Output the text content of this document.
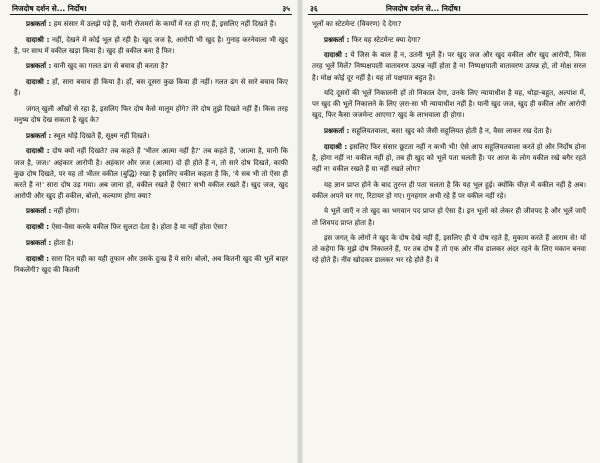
निजदोष दर्शन से... निर्दोष!	३५

प्रश्नकर्ता : हम संसार में उलझे पड़े हैं, यानी रोजमर्रा के कार्यों में रत हो गए हैं, इसलिए नहीं दिखते हैं।

दादाश्री : नहीं, देखने में कोई भूल हो रही है। खुद जज है, आरोपी भी खुद है। गुनाह करनेवाला भी खुद है, पर साथ में वकील खड़ा किया है। खुद ही वकील बना है फिर।

प्रश्नकर्ता : यानी खुद का गलत ढंग से बचाव ही करता है?

दादाश्री : हाँ, सारा बचाव ही किया है। हाँ, बस दूसरा कुछ किया ही नहीं। गलत ढंग से सारे बचाव किए हैं।

जगत् खुली आँखों से रहा है, इसलिए फिर दोष कैसे मालूम होंगे? तेरे दोष तुझे दिखते नहीं हैं। किस तरह मनुष्य दोष देख सकता है खुद के?

प्रश्नकर्ता : स्थूल थोड़े दिखते हैं, सूक्ष्म नहीं दिखते।

दादाश्री : दोष क्यों नहीं दिखते? तब कहते हैं 'भीतर आत्मा नहीं है?' तब कहते हैं, 'आत्मा है, यानी कि जज है, जज।' अहंकार आरोपी है। अहंकार और जज (आत्मा) दो ही होते हैं न, तो सारे दोष दिखते, काफी कुछ दोष दिखते, पर यह तो भीतर वकील (बुद्धि) रखा है इसलिए वकील कहता है कि, 'ये सब भी तो ऐसा ही करते हैं न!' सारा दोष उड़ गया। अब जाना हो, वकील रखते हैं ऐसा? सभी वकील रखते हैं। खुद जज, खुद आरोपी और खुद ही वकील, बोलो, कल्याण होगा क्या?

प्रश्नकर्ता : नहीं होगा।

दादाश्री : ऐसा-वैसा करके वकील फिर सुलटा देता है। होता है या नहीं होता ऐसा?

प्रश्नकर्ता : होता है।

दादाश्री : सारा दिन यही का यही तूफान और उसके दुःख हैं ये सारे। बोलो, अब कितनी खुद की भूलें बाहर निकलेंगी? खुद की कितनी

३६	निजदोष दर्शन से... निर्दोष!

भूलों का स्टेटमेन्ट (विवरण) दे देगा?

प्रश्नकर्ता : फिर वह स्टेटमेन्ट क्या देगा?

दादाश्री : ये जिस के बाल हैं न, उतनी भूलें हैं। पर खुद जज और खुद वकील और खुद आरोपी, किस तरह भूलें मिलें? निष्पक्षपाती वातावरण उत्पन्न नहीं होता है न! निष्पक्षपाती वातावरण उत्पन्न हो, तो मोक्ष सरल है। मोक्ष कोई दूर नहीं है। यह तो पक्षपात बहुत है।

यदि दूसरों की भूलें निकालनी हों तो निकाल देगा, उनके लिए न्यायाधीश है यह, थोड़ा-बहुत, अल्पांश में, पर खुद की भूलें निकालने के लिए ज़रा-सा भी न्यायाधीश नहीं है। यानी खुद जज, खुद ही वकील और आरोपी खुद, फिर कैसा जजमेन्ट आएगा? खुद के लाभवाला ही होगा।

प्रश्नकर्ता : सहूलियतवाला, बस! खुद को जैसी सहूलियत होती है न, वैसा लाकर रख देता है।

दादाश्री : इसलिए फिर संसार छूटता नहीं न कभी भी! ऐसे आप सहूलियतवाला करते हो और निर्दोष होना है, होगा नहीं न! वकील नहीं हो, तब ही खुद को भूलें पता चलती हैं। पर आज के लोग वकील रखे बगैर रहते नहीं न! वकील रखते हैं या नहीं रखते लोग?

यह ज्ञान प्राप्त होने के बाद तुरन्त ही पता चलता है कि यह भूल हुई। क्योंकि चीज़ में वकील नहीं है अब। वकील अपने घर गए, रिटायर हो गए। गुनहगार अभी रहे हैं पर वकील नहीं रहे।

ये भूलें जाएँ न तो खुद का भगवान पद प्राप्त हो ऐसा है। इन भूलों को लेकर ही जीवपद है और भूलें जाएँ तो शिवपद प्राप्त होता है।

इस जगत् के लोगों ने खुद के दोष देखे नहीं हैं, इसलिए ही ये दोष रहते हैं, मुकाम करते हैं आराम से! यों तो कहेगा कि मुझे दोष निकालने हैं, पर तब दोष हैं तो एक ओर नींव डालकर अंदर रहने के लिए मकान बनवा रहे होते हैं। नींव खोदकर डालकर भर रहे होते हैं। वे
